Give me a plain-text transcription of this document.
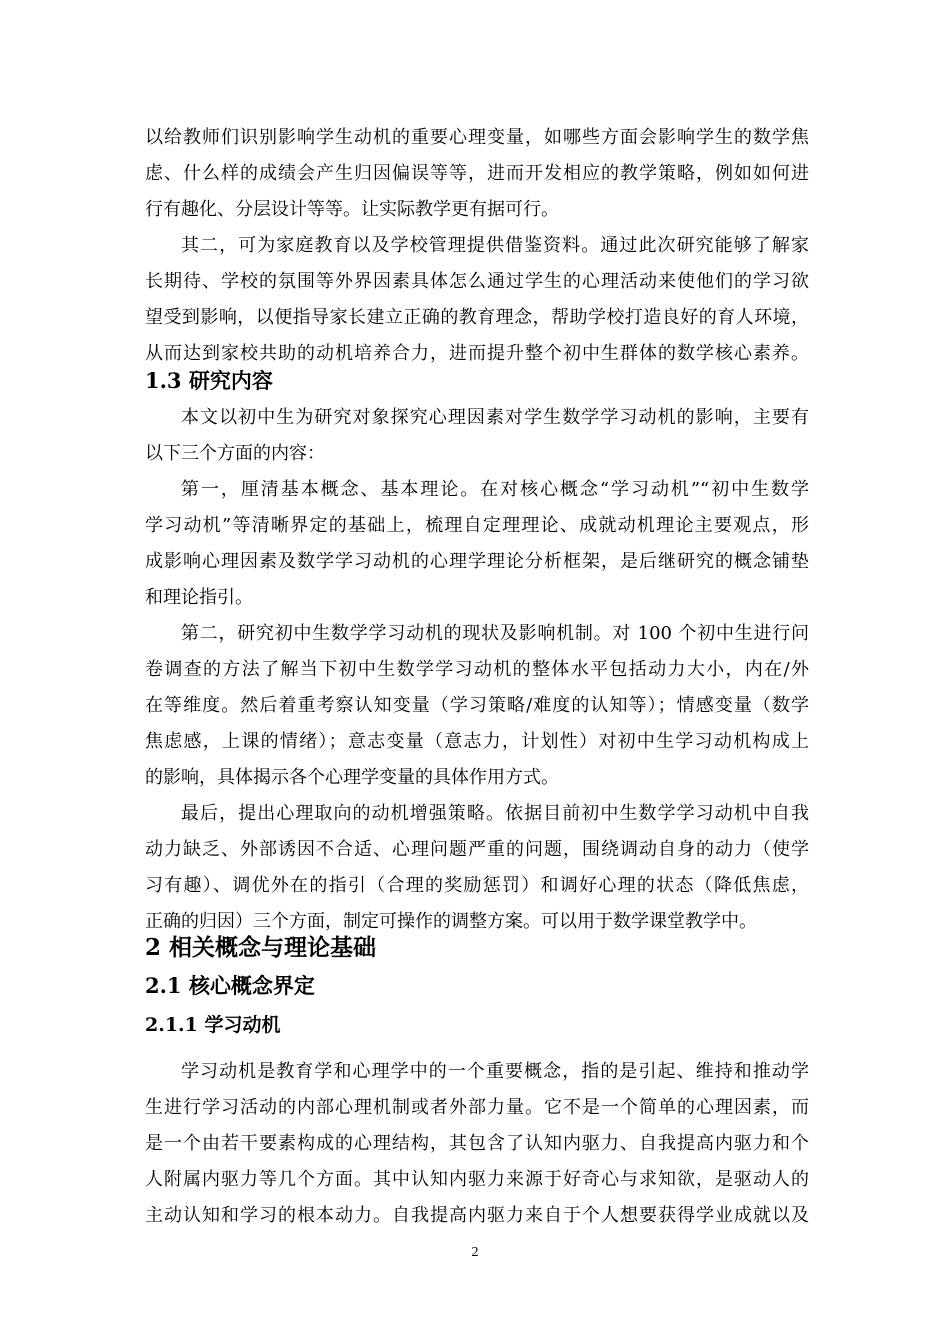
以给教师们识别影响学生动机的重要心理变量，如哪些方面会影响学生的数学焦
虑、什么样的成绩会产生归因偏误等等，进而开发相应的教学策略，例如如何进
行有趣化、分层设计等等。让实际教学更有据可行。
其二，可为家庭教育以及学校管理提供借鉴资料。通过此次研究能够了解家
长期待、学校的氛围等外界因素具体怎么通过学生的心理活动来使他们的学习欲
望受到影响，以便指导家长建立正确的教育理念，帮助学校打造良好的育人环境，
从而达到家校共助的动机培养合力，进而提升整个初中生群体的数学核心素养。
1.3 研究内容
本文以初中生为研究对象探究心理因素对学生数学学习动机的影响，主要有
以下三个方面的内容：
第一，厘清基本概念、基本理论。在对核心概念“学习动机”“初中生数学
学习动机”等清晰界定的基础上，梳理自定理理论、成就动机理论主要观点，形
成影响心理因素及数学学习动机的心理学理论分析框架，是后继研究的概念铺垫
和理论指引。
第二，研究初中生数学学习动机的现状及影响机制。对 100 个初中生进行问
卷调查的方法了解当下初中生数学学习动机的整体水平包括动力大小，内在/外
在等维度。然后着重考察认知变量（学习策略/难度的认知等）；情感变量（数学
焦虑感，上课的情绪）；意志变量（意志力，计划性）对初中生学习动机构成上
的影响，具体揭示各个心理学变量的具体作用方式。
最后，提出心理取向的动机增强策略。依据目前初中生数学学习动机中自我
动力缺乏、外部诱因不合适、心理问题严重的问题，围绕调动自身的动力（使学
习有趣）、调优外在的指引（合理的奖励惩罚）和调好心理的状态（降低焦虑，
正确的归因）三个方面，制定可操作的调整方案。可以用于数学课堂教学中。
2 相关概念与理论基础
2.1 核心概念界定
2.1.1 学习动机
学习动机是教育学和心理学中的一个重要概念，指的是引起、维持和推动学
生进行学习活动的内部心理机制或者外部力量。它不是一个简单的心理因素，而
是一个由若干要素构成的心理结构，其包含了认知内驱力、自我提高内驱力和个
人附属内驱力等几个方面。其中认知内驱力来源于好奇心与求知欲，是驱动人的
主动认知和学习的根本动力。自我提高内驱力来自于个人想要获得学业成就以及
2
